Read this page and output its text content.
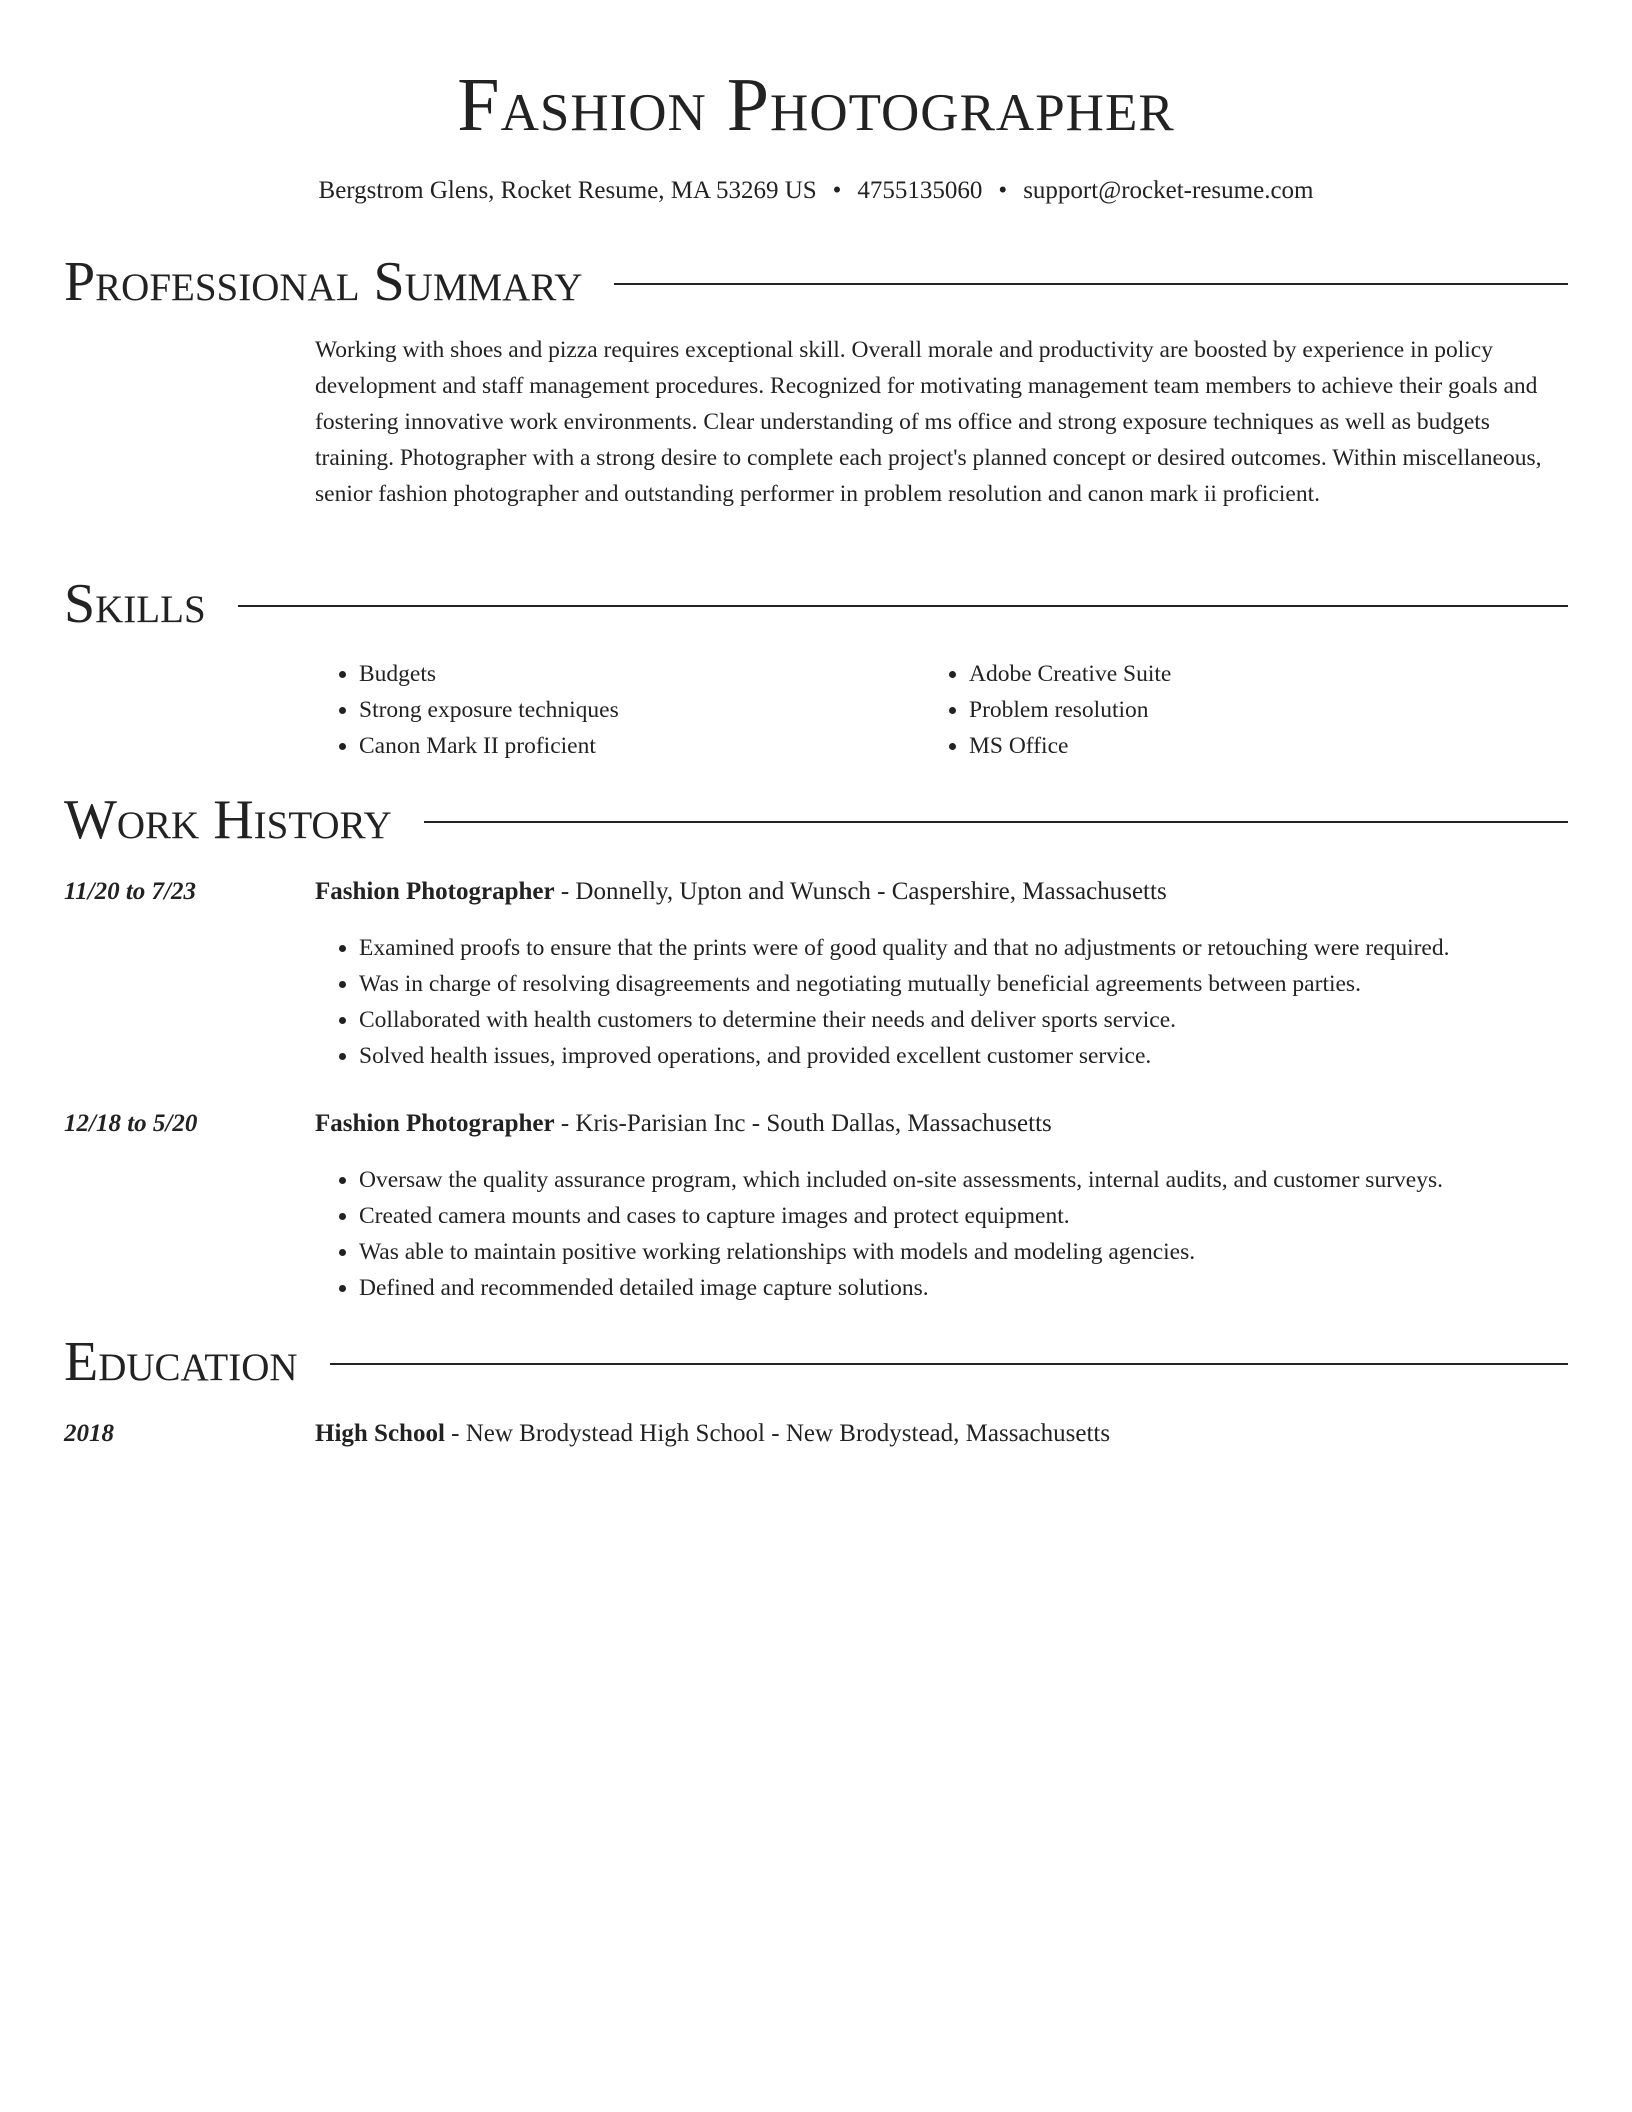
Fashion Photographer
Bergstrom Glens, Rocket Resume, MA 53269 US • 4755135060 • support@rocket-resume.com
Professional Summary
Working with shoes and pizza requires exceptional skill. Overall morale and productivity are boosted by experience in policy development and staff management procedures. Recognized for motivating management team members to achieve their goals and fostering innovative work environments. Clear understanding of ms office and strong exposure techniques as well as budgets training. Photographer with a strong desire to complete each project's planned concept or desired outcomes. Within miscellaneous, senior fashion photographer and outstanding performer in problem resolution and canon mark ii proficient.
Skills
• Budgets
• Strong exposure techniques
• Canon Mark II proficient
• Adobe Creative Suite
• Problem resolution
• MS Office
Work History
11/20 to 7/23	Fashion Photographer - Donnelly, Upton and Wunsch - Caspershire, Massachusetts
• Examined proofs to ensure that the prints were of good quality and that no adjustments or retouching were required.
• Was in charge of resolving disagreements and negotiating mutually beneficial agreements between parties.
• Collaborated with health customers to determine their needs and deliver sports service.
• Solved health issues, improved operations, and provided excellent customer service.
12/18 to 5/20	Fashion Photographer - Kris-Parisian Inc - South Dallas, Massachusetts
• Oversaw the quality assurance program, which included on-site assessments, internal audits, and customer surveys.
• Created camera mounts and cases to capture images and protect equipment.
• Was able to maintain positive working relationships with models and modeling agencies.
• Defined and recommended detailed image capture solutions.
Education
2018	High School - New Brodystead High School - New Brodystead, Massachusetts
